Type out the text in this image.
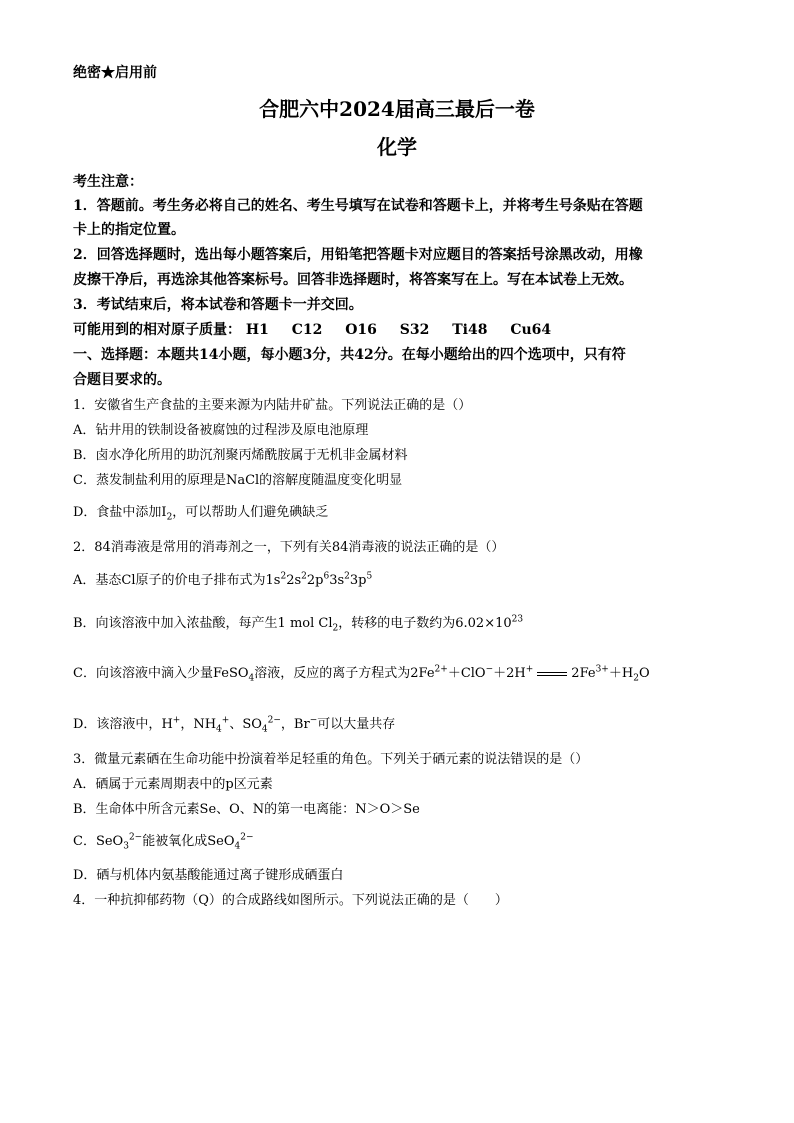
绝密★启用前
合肥六中2024届高三最后一卷
化学
考生注意：
1．答题前。考生务必将自己的姓名、考生号填写在试卷和答题卡上，并将考生号条贴在答题
卡上的指定位置。
2．回答选择题时，选出每小题答案后，用铅笔把答题卡对应题目的答案括号涂黑改动，用橡
皮擦干净后，再选涂其他答案标号。回答非选择题时，将答案写在上。写在本试卷上无效。
3．考试结束后，将本试卷和答题卡一并交回。
可能用到的相对原子质量： H1 C12 O16 S32 Ti48 Cu64
一、选择题：本题共14小题，每小题3分，共42分。在每小题给出的四个选项中，只有符
合题目要求的。
1．安徽省生产食盐的主要来源为内陆井矿盐。下列说法正确的是（）
A．钻井用的铁制设备被腐蚀的过程涉及原电池原理
B．卤水净化所用的助沉剂聚丙烯酰胺属于无机非金属材料
C．蒸发制盐利用的原理是NaCl的溶解度随温度变化明显
D．食盐中添加$I_2$，可以帮助人们避免碘缺乏
2．84消毒液是常用的消毒剂之一，下列有关84消毒液的说法正确的是（）
A．基态Cl原子的价电子排布式为$1s^22s^22p^63s^23p^5$
B．向该溶液中加入浓盐酸，每产生1 mol $Cl_2$，转移的电子数约为$6.02\times 10^{23}$
C．向该溶液中滴入少量FeSO$_4$溶液，反应的离子方程式为$2Fe^{2+}+ClO^-+2H^+$	$2Fe^{3+}+H_2O$
D．该溶液中，H+，$NH_4^+$、$SO_4^{2-}$，Br−可以大量共存
3．微量元素硒在生命功能中扮演着举足轻重的角色。下列关于硒元素的说法错误的是（）
A．硒属于元素周期表中的p区元素
B．生命体中所含元素Se、O、N的第一电离能：N＞O＞Se
C．SeO$_3^{2-}$能被氧化成SeO$_4^{2-}$
D．硒与机体内氨基酸能通过离子键形成硒蛋白
4．一种抗抑郁药物（Q）的合成路线如图所示。下列说法正确的是（　　）
